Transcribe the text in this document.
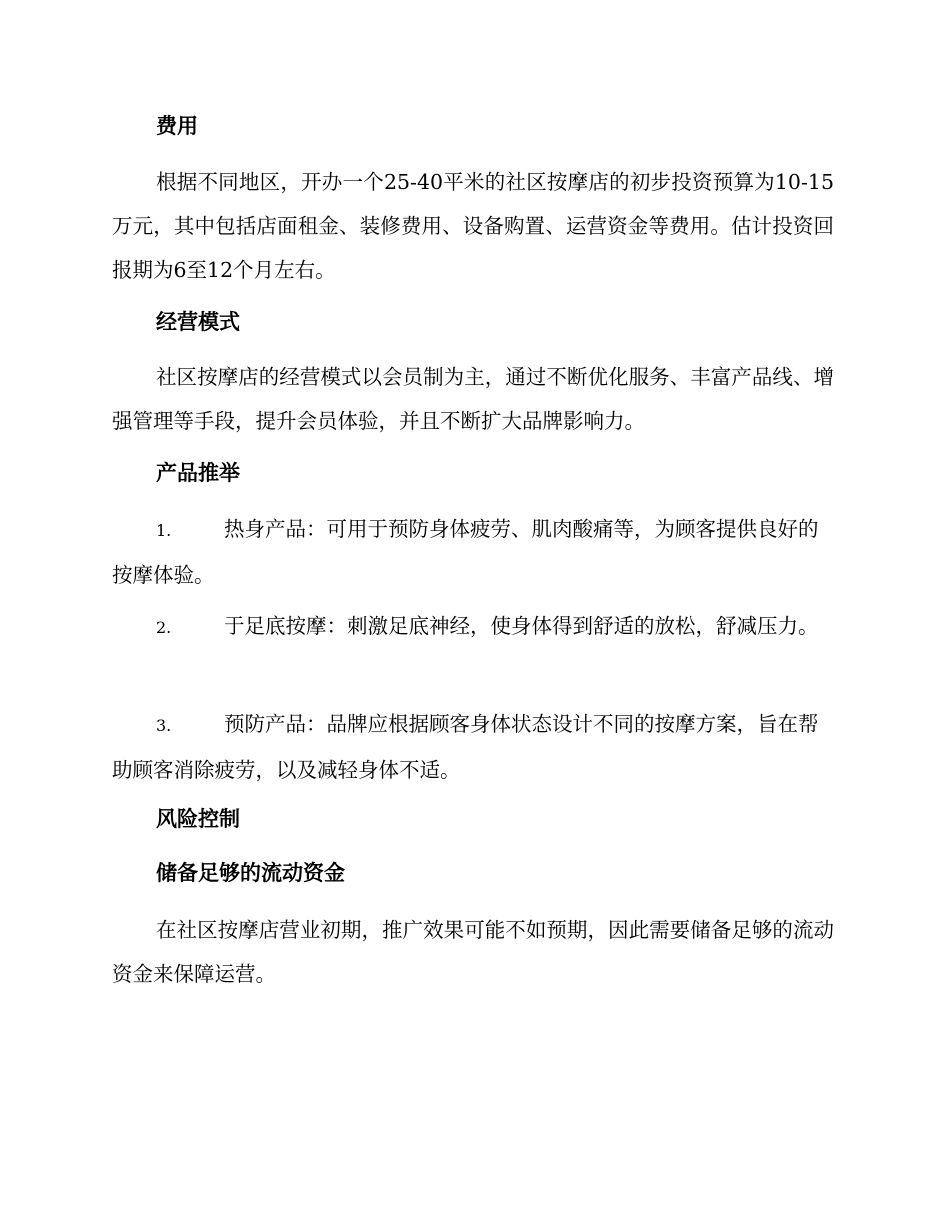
费用

根据不同地区，开办一个25-40平米的社区按摩店的初步投资预算为10-15万元，其中包括店面租金、装修费用、设备购置、运营资金等费用。估计投资回报期为6至12个月左右。

经营模式

社区按摩店的经营模式以会员制为主，通过不断优化服务、丰富产品线、增强管理等手段，提升会员体验，并且不断扩大品牌影响力。

产品推举

1.	热身产品：可用于预防身体疲劳、肌肉酸痛等，为顾客提供良好的按摩体验。

2.	于足底按摩：刺激足底神经，使身体得到舒适的放松，舒减压力。

3.	预防产品：品牌应根据顾客身体状态设计不同的按摩方案，旨在帮助顾客消除疲劳，以及减轻身体不适。

风险控制
储备足够的流动资金

在社区按摩店营业初期，推广效果可能不如预期，因此需要储备足够的流动资金来保障运营。
